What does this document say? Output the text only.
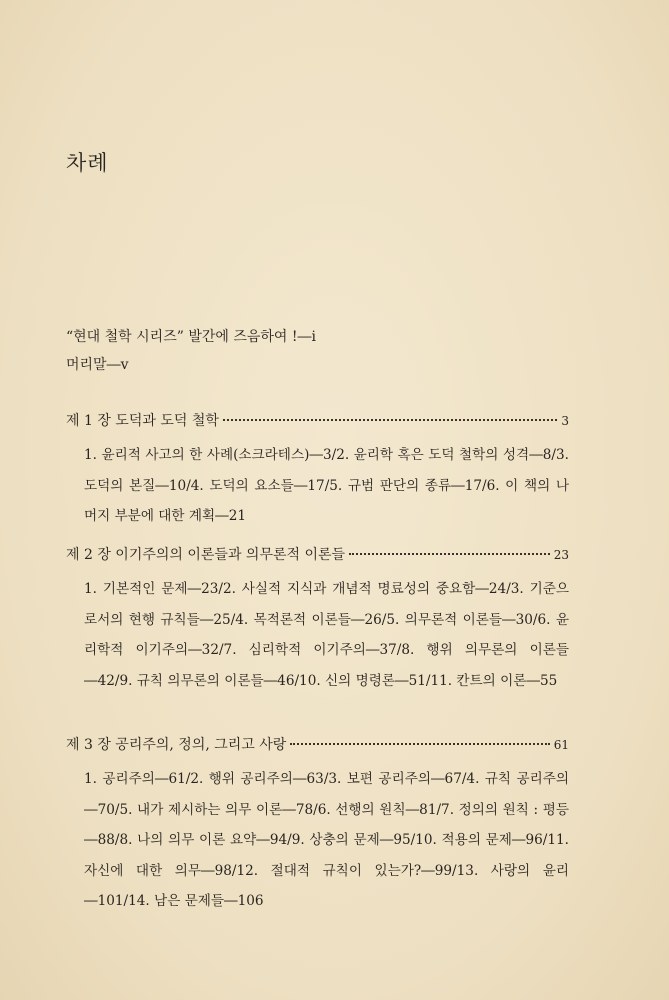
차례
“현대 철학 시리즈” 발간에 즈음하여 !―i
머리말―v
제 1 장 도덕과 도덕 철학	3
1. 윤리적 사고의 한 사례(소크라테스)―3/2. 윤리학 혹은 도덕 철학의 성격―8/3. 도덕의 본질―10/4. 도덕의 요소들―17/5. 규범 판단의 종류―17/6. 이 책의 나머지 부분에 대한 계획―21
제 2 장 이기주의의 이론들과 의무론적 이론들	23
1. 기본적인 문제―23/2. 사실적 지식과 개념적 명료성의 중요함―24/3. 기준으로서의 현행 규칙들―25/4. 목적론적 이론들―26/5. 의무론적 이론들―30/6. 윤리학적 이기주의―32/7. 심리학적 이기주의―37/8. 행위 의무론의 이론들―42/9. 규칙 의무론의 이론들―46/10. 신의 명령론―51/11. 칸트의 이론―55
제 3 장 공리주의, 정의, 그리고 사랑	61
1. 공리주의―61/2. 행위 공리주의―63/3. 보편 공리주의―67/4. 규칙 공리주의―70/5. 내가 제시하는 의무 이론―78/6. 선행의 원칙―81/7. 정의의 원칙 : 평등―88/8. 나의 의무 이론 요약―94/9. 상충의 문제―95/10. 적용의 문제―96/11. 자신에 대한 의무―98/12. 절대적 규칙이 있는가?―99/13. 사랑의 윤리―101/14. 남은 문제들―106
